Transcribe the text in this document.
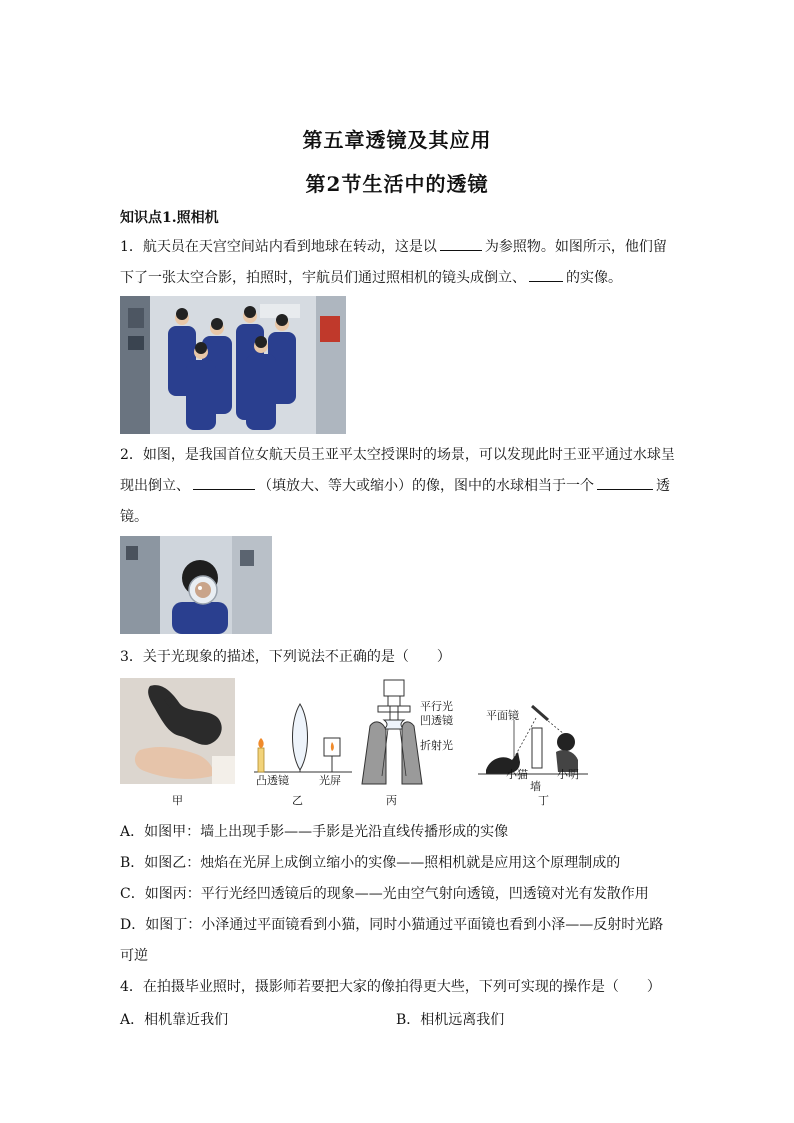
第五章透镜及其应用
第2节生活中的透镜
知识点1.照相机
1．航天员在天宫空间站内看到地球在转动，这是以	为参照物。如图所示，他们留
下了一张太空合影，拍照时，宇航员们通过照相机的镜头成倒立、	的实像。
2．如图，是我国首位女航天员王亚平太空授课时的场景，可以发现此时王亚平通过水球呈
现出倒立、	（填放大、等大或缩小）的像，图中的水球相当于一个	透
镜。
3．关于光现象的描述，下列说法不正确的是（　　）
甲
凸透镜	光屏
乙
平行光
凹透镜
折射光
丙
平面镜
小猫
墙
小明
丁
A．如图甲：墙上出现手影——手影是光沿直线传播形成的实像
B．如图乙：烛焰在光屏上成倒立缩小的实像——照相机就是应用这个原理制成的
C．如图丙：平行光经凹透镜后的现象——光由空气射向透镜，凹透镜对光有发散作用
D．如图丁：小泽通过平面镜看到小猫，同时小猫通过平面镜也看到小泽——反射时光路
可逆
4．在拍摄毕业照时，摄影师若要把大家的像拍得更大些，下列可实现的操作是（　　）
A．相机靠近我们	B．相机远离我们
